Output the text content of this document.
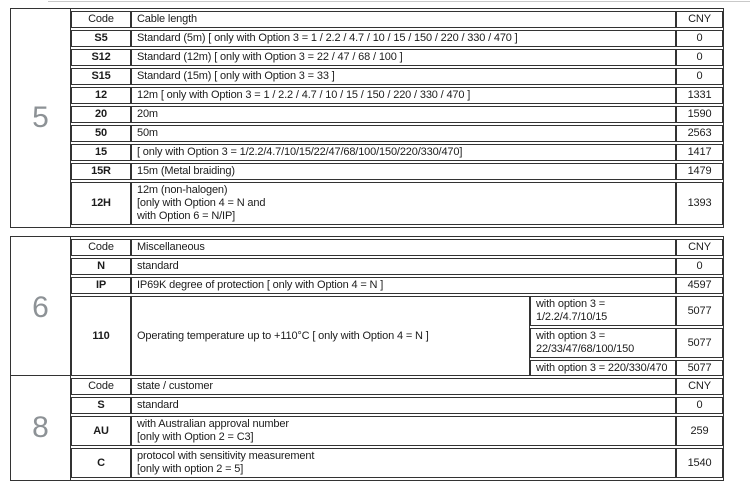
5
Code	Cable length	CNY
S5	Standard (5m) [ only with Option 3 = 1 / 2.2 / 4.7 / 10 / 15 / 150 / 220 / 330 / 470 ]	0
S12	Standard (12m) [ only with Option 3 = 22 / 47 / 68 / 100 ]	0
S15	Standard (15m) [ only with Option 3 = 33 ]	0
12	12m [ only with Option 3 = 1 / 2.2 / 4.7 / 10 / 15 / 150 / 220 / 330 / 470 ]	1331
20	20m	1590
50	50m	2563
15	[ only with Option 3 = 1/2.2/4.7/10/15/22/47/68/100/150/220/330/470]	1417
15R	15m (Metal braiding)	1479
12H	12m (non-halogen)
[only with Option 4 = N and
with Option 6 = N/IP]	1393
6
Code	Miscellaneous		CNY
N	standard		0
IP	IP69K degree of protection [ only with Option 4 = N ]		4597
110	Operating temperature up to +110°C [ only with Option 4 = N ]	with option 3 = 1/2.2/4.7/10/15	5077
		with option 3 =
22/33/47/68/100/150	5077
		with option 3 = 220/330/470	5077
8
Code	state / customer	CNY
S	standard	0
AU	with Australian approval number
[only with Option 2 = C3]	259
C	protocol with sensitivity measurement
[only with option 2 = 5]	1540
